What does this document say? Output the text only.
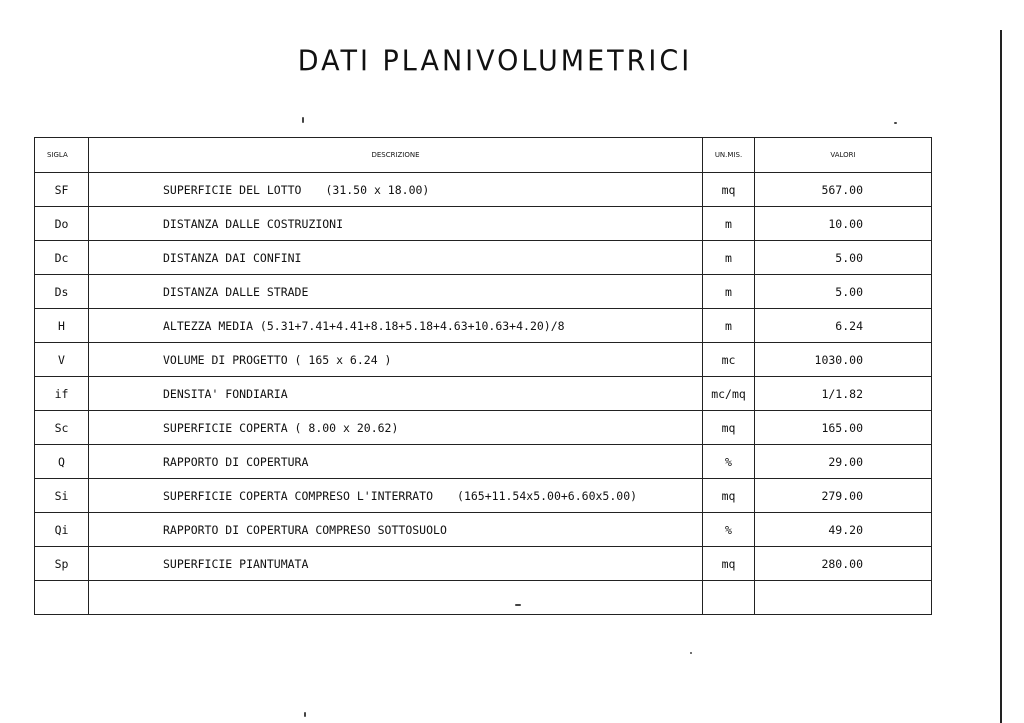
DATI PLANIVOLUMETRICI
SIGLA	DESCRIZIONE	UN.MIS.	VALORI
SF	SUPERFICIE DEL LOTTO (31.50 x 18.00)	mq	567.00
Do	DISTANZA DALLE COSTRUZIONI	m	10.00
Dc	DISTANZA DAI CONFINI	m	5.00
Ds	DISTANZA DALLE STRADE	m	5.00
H	ALTEZZA MEDIA (5.31+7.41+4.41+8.18+5.18+4.63+10.63+4.20)/8	m	6.24
V	VOLUME DI PROGETTO ( 165 x 6.24 )	mc	1030.00
if	DENSITA' FONDIARIA	mc/mq	1/1.82
Sc	SUPERFICIE COPERTA ( 8.00 x 20.62)	mq	165.00
Q	RAPPORTO DI COPERTURA	%	29.00
Si	SUPERFICIE COPERTA COMPRESO L'INTERRATO (165+11.54x5.00+6.60x5.00)	mq	279.00
Qi	RAPPORTO DI COPERTURA COMPRESO SOTTOSUOLO	%	49.20
Sp	SUPERFICIE PIANTUMATA	mq	280.00
